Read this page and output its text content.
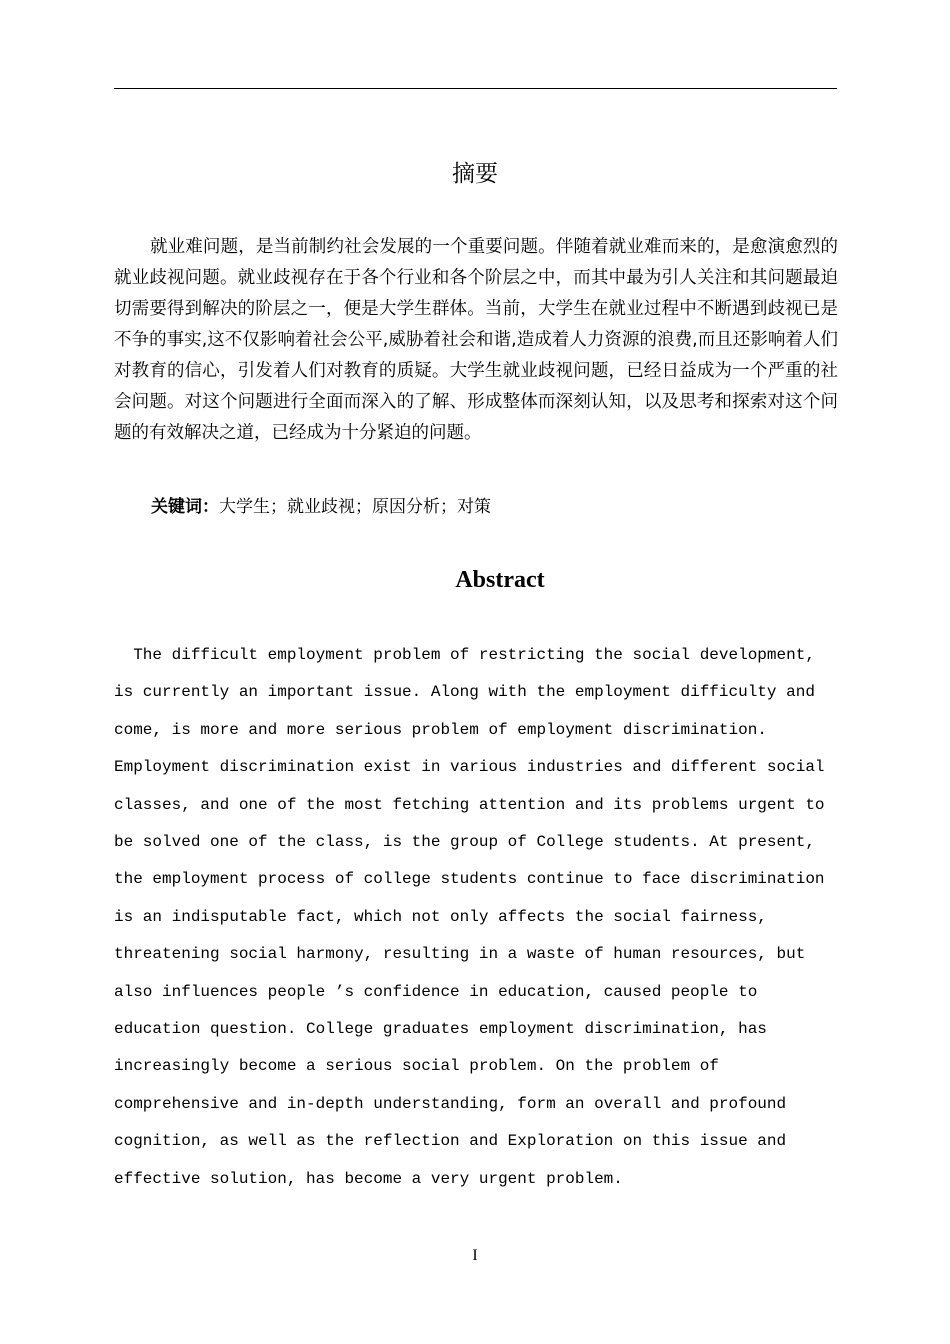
摘要

就业难问题，是当前制约社会发展的一个重要问题。伴随着就业难而来的，是愈演愈烈的就业歧视问题。就业歧视存在于各个行业和各个阶层之中，而其中最为引人关注和其问题最迫切需要得到解决的阶层之一，便是大学生群体。当前，大学生在就业过程中不断遇到歧视已是不争的事实,这不仅影响着社会公平,威胁着社会和谐,造成着人力资源的浪费,而且还影响着人们对教育的信心，引发着人们对教育的质疑。大学生就业歧视问题，已经日益成为一个严重的社会问题。对这个问题进行全面而深入的了解、形成整体而深刻认知，以及思考和探索对这个问题的有效解决之道，已经成为十分紧迫的问题。

关键词：大学生；就业歧视；原因分析；对策
Abstract
The difficult employment problem of restricting the social development,
is currently an important issue. Along with the employment difficulty and
come, is more and more serious problem of employment discrimination.
Employment discrimination exist in various industries and different social
classes, and one of the most fetching attention and its problems urgent to
be solved one of the class, is the group of College students. At present,
the employment process of college students continue to face discrimination
is an indisputable fact, which not only affects the social fairness,
threatening social harmony, resulting in a waste of human resources, but
also influences people ’s confidence in education, caused people to
education question. College graduates employment discrimination, has
increasingly become a serious social problem. On the problem of
comprehensive and in-depth understanding, form an overall and profound
cognition, as well as the reflection and Exploration on this issue and
effective solution, has become a very urgent problem.
I
